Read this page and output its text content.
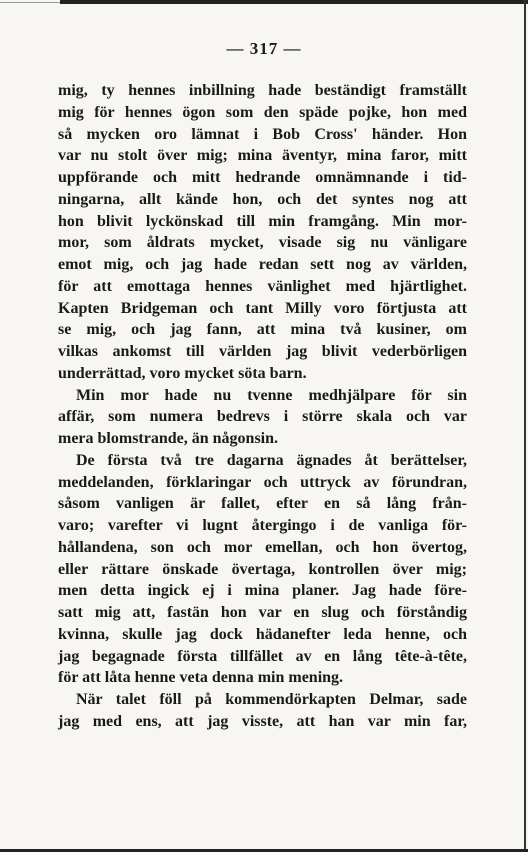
— 317 —
mig, ty hennes inbillning hade beständigt framställt
mig för hennes ögon som den späde pojke, hon med
så mycken oro lämnat i Bob Cross' händer. Hon
var nu stolt över mig; mina äventyr, mina faror, mitt
uppförande och mitt hedrande omnämnande i tid-
ningarna, allt kände hon, och det syntes nog att
hon blivit lyckönskad till min framgång. Min mor-
mor, som åldrats mycket, visade sig nu vänligare
emot mig, och jag hade redan sett nog av världen,
för att emottaga hennes vänlighet med hjärtlighet.
Kapten Bridgeman och tant Milly voro förtjusta att
se mig, och jag fann, att mina två kusiner, om
vilkas ankomst till världen jag blivit vederbörligen
underrättad, voro mycket söta barn.
Min mor hade nu tvenne medhjälpare för sin
affär, som numera bedrevs i större skala och var
mera blomstrande, än någonsin.
De första två tre dagarna ägnades åt berättelser,
meddelanden, förklaringar och uttryck av förundran,
såsom vanligen är fallet, efter en så lång från-
varo; varefter vi lugnt återgingo i de vanliga för-
hållandena, son och mor emellan, och hon övertog,
eller rättare önskade övertaga, kontrollen över mig;
men detta ingick ej i mina planer. Jag hade före-
satt mig att, fastän hon var en slug och förståndig
kvinna, skulle jag dock hädanefter leda henne, och
jag begagnade första tillfället av en lång tête-à-tête,
för att låta henne veta denna min mening.
När talet föll på kommendörkapten Delmar, sade
jag med ens, att jag visste, att han var min far,
